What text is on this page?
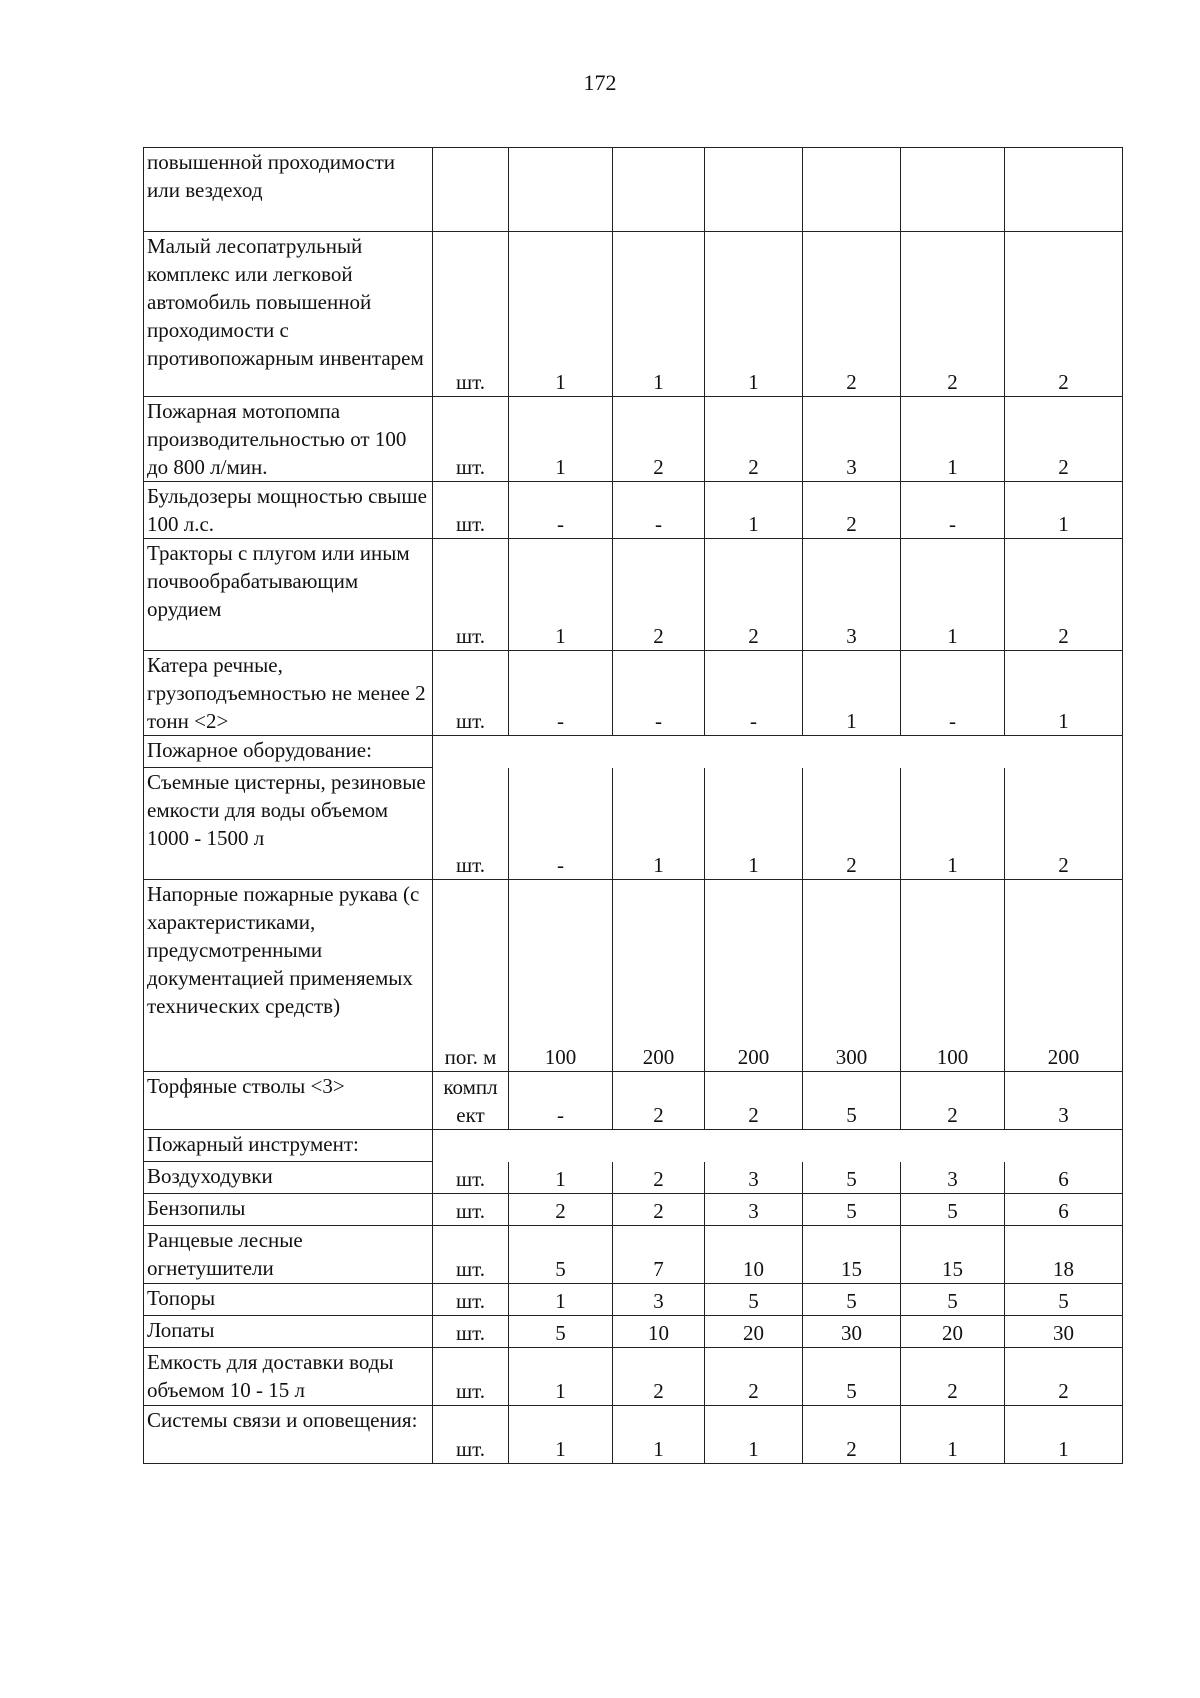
172
повышенной проходимости или вездеход							
Малый лесопатрульный комплекс или легковой автомобиль повышенной проходимости с противопожарным инвентарем	шт.	1	1	1	2	2	2
Пожарная мотопомпа производительностью от 100 до 800 л/мин.	шт.	1	2	2	3	1	2
Бульдозеры мощностью свыше 100 л.с.	шт.	-	-	1	2	-	1
Тракторы с плугом или иным почвообрабатывающим орудием	шт.	1	2	2	3	1	2
Катера речные, грузоподъемностью не менее 2 тонн <2>	шт.	-	-	-	1	-	1
Пожарное оборудование:							
Съемные цистерны, резиновые емкости для воды объемом 1000 - 1500 л	шт.	-	1	1	2	1	2
Напорные пожарные рукава (с характеристиками, предусмотренными документацией применяемых технических средств)	пог. м	100	200	200	300	100	200
Торфяные стволы <3>	компл ект	-	2	2	5	2	3
Пожарный инструмент:							
Воздуходувки	шт.	1	2	3	5	3	6
Бензопилы	шт.	2	2	3	5	5	6
Ранцевые лесные огнетушители	шт.	5	7	10	15	15	18
Топоры	шт.	1	3	5	5	5	5
Лопаты	шт.	5	10	20	30	20	30
Емкость для доставки воды объемом 10 - 15 л	шт.	1	2	2	5	2	2
Системы связи и оповещения:	шт.	1	1	1	2	1	1
